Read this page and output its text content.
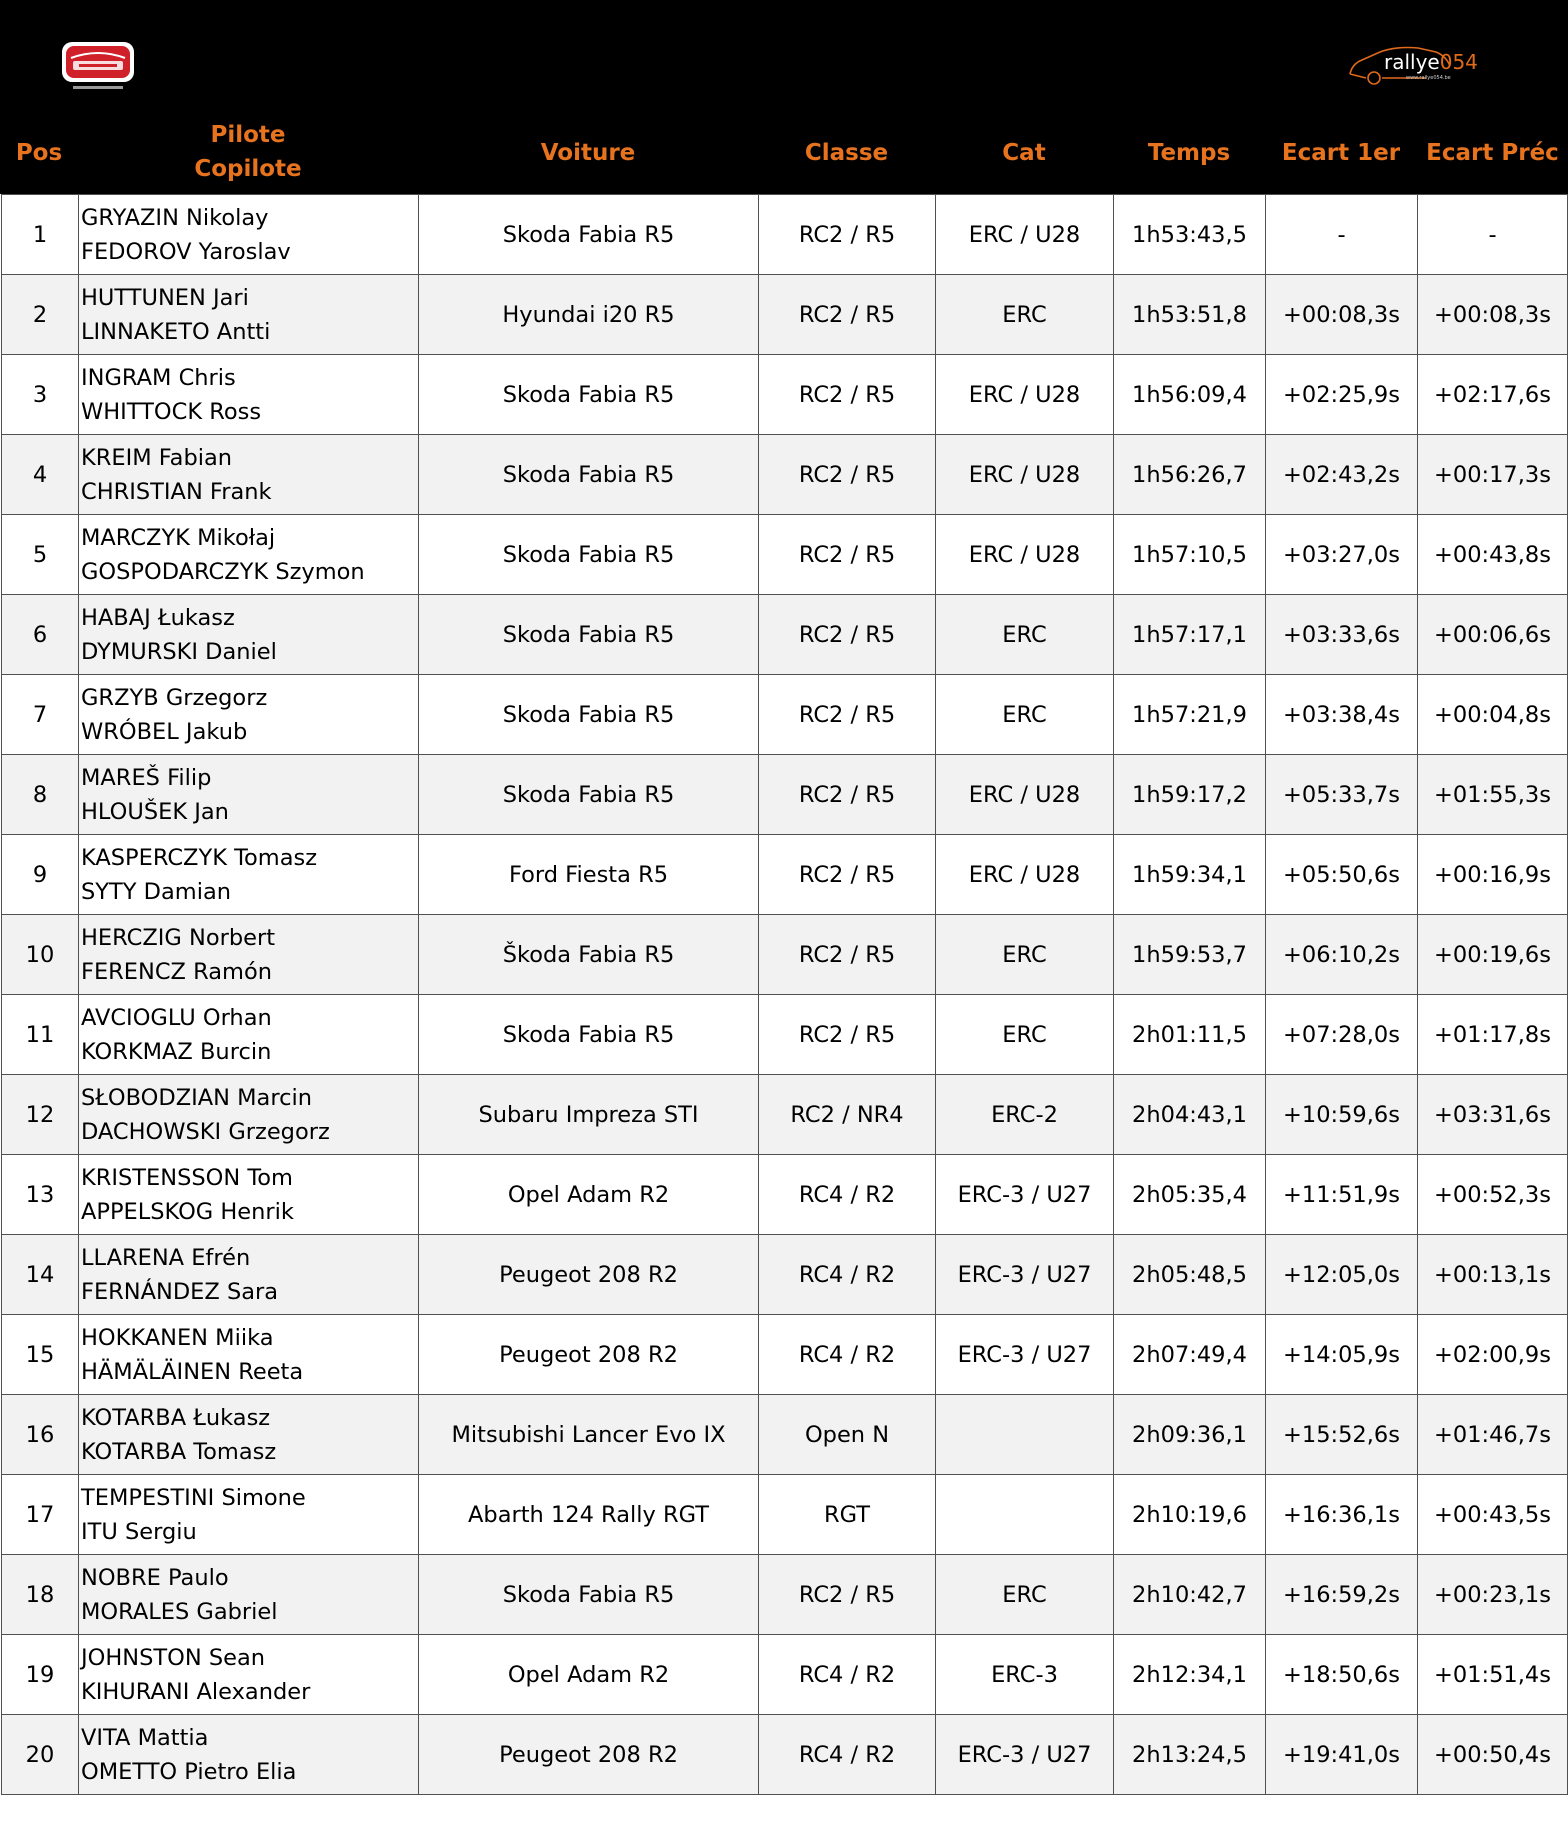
rallye054
www.rallye054.be
Pos
Pilote
Copilote
Voiture	Classe	Cat	Temps	Ecart 1er	Ecart Préc
1	GRYAZIN Nikolay
FEDOROV Yaroslav	Skoda Fabia R5	RC2 / R5	ERC / U28	1h53:43,5	-	-
2	HUTTUNEN Jari
LINNAKETO Antti	Hyundai i20 R5	RC2 / R5	ERC	1h53:51,8	+00:08,3s	+00:08,3s
3	INGRAM Chris
WHITTOCK Ross	Skoda Fabia R5	RC2 / R5	ERC / U28	1h56:09,4	+02:25,9s	+02:17,6s
4	KREIM Fabian
CHRISTIAN Frank	Skoda Fabia R5	RC2 / R5	ERC / U28	1h56:26,7	+02:43,2s	+00:17,3s
5	MARCZYK Mikołaj
GOSPODARCZYK Szymon	Skoda Fabia R5	RC2 / R5	ERC / U28	1h57:10,5	+03:27,0s	+00:43,8s
6	HABAJ Łukasz
DYMURSKI Daniel	Skoda Fabia R5	RC2 / R5	ERC	1h57:17,1	+03:33,6s	+00:06,6s
7	GRZYB Grzegorz
WRÓBEL Jakub	Skoda Fabia R5	RC2 / R5	ERC	1h57:21,9	+03:38,4s	+00:04,8s
8	MAREŠ Filip
HLOUŠEK Jan	Skoda Fabia R5	RC2 / R5	ERC / U28	1h59:17,2	+05:33,7s	+01:55,3s
9	KASPERCZYK Tomasz
SYTY Damian	Ford Fiesta R5	RC2 / R5	ERC / U28	1h59:34,1	+05:50,6s	+00:16,9s
10	HERCZIG Norbert
FERENCZ Ramón	Škoda Fabia R5	RC2 / R5	ERC	1h59:53,7	+06:10,2s	+00:19,6s
11	AVCIOGLU Orhan
KORKMAZ Burcin	Skoda Fabia R5	RC2 / R5	ERC	2h01:11,5	+07:28,0s	+01:17,8s
12	SŁOBODZIAN Marcin
DACHOWSKI Grzegorz	Subaru Impreza STI	RC2 / NR4	ERC-2	2h04:43,1	+10:59,6s	+03:31,6s
13	KRISTENSSON Tom
APPELSKOG Henrik	Opel Adam R2	RC4 / R2	ERC-3 / U27	2h05:35,4	+11:51,9s	+00:52,3s
14	LLARENA Efrén
FERNÁNDEZ Sara	Peugeot 208 R2	RC4 / R2	ERC-3 / U27	2h05:48,5	+12:05,0s	+00:13,1s
15	HOKKANEN Miika
HÄMÄLÄINEN Reeta	Peugeot 208 R2	RC4 / R2	ERC-3 / U27	2h07:49,4	+14:05,9s	+02:00,9s
16	KOTARBA Łukasz
KOTARBA Tomasz	Mitsubishi Lancer Evo IX	Open N		2h09:36,1	+15:52,6s	+01:46,7s
17	TEMPESTINI Simone
ITU Sergiu	Abarth 124 Rally RGT	RGT		2h10:19,6	+16:36,1s	+00:43,5s
18	NOBRE Paulo
MORALES Gabriel	Skoda Fabia R5	RC2 / R5	ERC	2h10:42,7	+16:59,2s	+00:23,1s
19	JOHNSTON Sean
KIHURANI Alexander	Opel Adam R2	RC4 / R2	ERC-3	2h12:34,1	+18:50,6s	+01:51,4s
20	VITA Mattia
OMETTO Pietro Elia	Peugeot 208 R2	RC4 / R2	ERC-3 / U27	2h13:24,5	+19:41,0s	+00:50,4s
